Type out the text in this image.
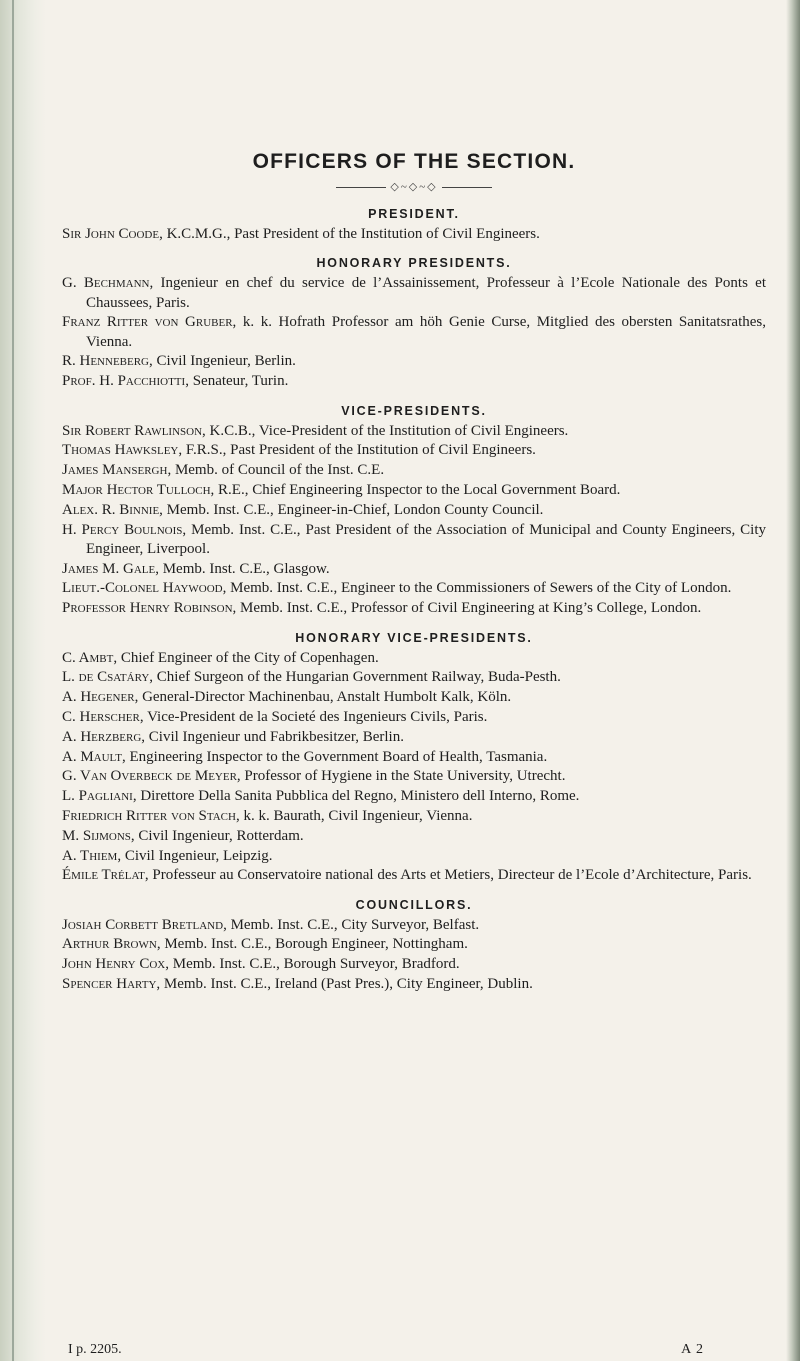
OFFICERS OF THE SECTION.
◇~◇~◇
PRESIDENT.
Sir John Coode, K.C.M.G., Past President of the Institution of Civil Engineers.
HONORARY PRESIDENTS.
G. Bechmann, Ingenieur en chef du service de l’Assainissement, Professeur à l’Ecole Nationale des Ponts et Chaussees, Paris.
Franz Ritter von Gruber, k. k. Hofrath Professor am höh Genie Curse, Mitglied des obersten Sanitatsrathes, Vienna.
R. Henneberg, Civil Ingenieur, Berlin.
Prof. H. Pacchiotti, Senateur, Turin.
VICE-PRESIDENTS.
Sir Robert Rawlinson, K.C.B., Vice-President of the Institution of Civil Engineers.
Thomas Hawksley, F.R.S., Past President of the Institution of Civil Engineers.
James Mansergh, Memb. of Council of the Inst. C.E.
Major Hector Tulloch, R.E., Chief Engineering Inspector to the Local Government Board.
Alex. R. Binnie, Memb. Inst. C.E., Engineer-in-Chief, London County Council.
H. Percy Boulnois, Memb. Inst. C.E., Past President of the Association of Municipal and County Engineers, City Engineer, Liverpool.
James M. Gale, Memb. Inst. C.E., Glasgow.
Lieut.-Colonel Haywood, Memb. Inst. C.E., Engineer to the Commissioners of Sewers of the City of London.
Professor Henry Robinson, Memb. Inst. C.E., Professor of Civil Engineering at King’s College, London.
HONORARY VICE-PRESIDENTS.
C. Ambt, Chief Engineer of the City of Copenhagen.
L. de Csatáry, Chief Surgeon of the Hungarian Government Railway, Buda-Pesth.
A. Hegener, General-Director Machinenbau, Anstalt Humbolt Kalk, Köln.
C. Herscher, Vice-President de la Societé des Ingenieurs Civils, Paris.
A. Herzberg, Civil Ingenieur und Fabrikbesitzer, Berlin.
A. Mault, Engineering Inspector to the Government Board of Health, Tasmania.
G. Van Overbeck de Meyer, Professor of Hygiene in the State University, Utrecht.
L. Pagliani, Direttore Della Sanita Pubblica del Regno, Ministero dell Interno, Rome.
Friedrich Ritter von Stach, k. k. Baurath, Civil Ingenieur, Vienna.
M. Sijmons, Civil Ingenieur, Rotterdam.
A. Thiem, Civil Ingenieur, Leipzig.
Émile Trélat, Professeur au Conservatoire national des Arts et Metiers, Directeur de l’Ecole d’Architecture, Paris.
COUNCILLORS.
Josiah Corbett Bretland, Memb. Inst. C.E., City Surveyor, Belfast.
Arthur Brown, Memb. Inst. C.E., Borough Engineer, Nottingham.
John Henry Cox, Memb. Inst. C.E., Borough Surveyor, Bradford.
Spencer Harty, Memb. Inst. C.E., Ireland (Past Pres.), City Engineer, Dublin.
I p. 2205.	A 2
